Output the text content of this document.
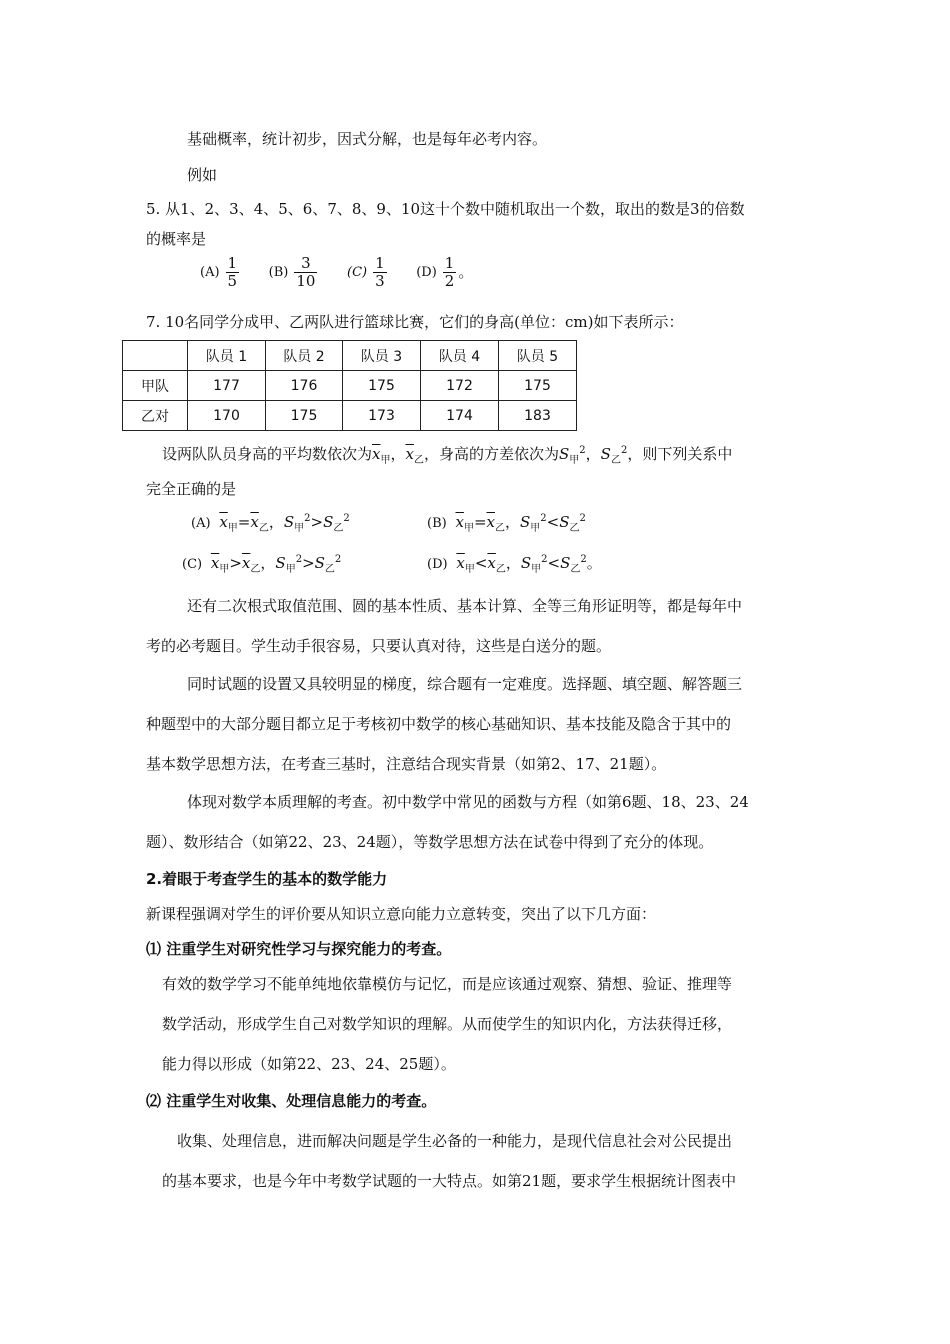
基础概率，统计初步，因式分解，也是每年必考内容。
例如
5. 从1、2、3、4、5、6、7、8、9、10这十个数中随机取出一个数，取出的数是3的倍数
的概率是
$(A) \frac{1}{5} (B) \frac{3}{10} (C) \frac{1}{3} (D) \frac{1}{2}$ 。
7. 10名同学分成甲、乙两队进行篮球比赛，它们的身高(单位：cm)如下表所示：
	队员 1	队员 2	队员 3	队员 4	队员 5
甲队	177	176	175	172	175
乙对	170	175	173	174	183
设两队队员身高的平均数依次为$\overline{x}_甲$，$\overline{x}_乙$，身高的方差依次为$S_甲^2$，$S_乙^2$，则下列关系中
完全正确的是
(A) $\overline{x}_甲=\overline{x}_乙$，$S_甲^2>S_乙^2$	(B) $\overline{x}_甲=\overline{x}_乙$，$S_甲^2<S_乙^2$
(C) $\overline{x}_甲>\overline{x}_乙$，$S_甲^2>S_乙^2$	(D) $\overline{x}_甲<\overline{x}_乙$，$S_甲^2<S_乙^2$。
还有二次根式取值范围、圆的基本性质、基本计算、全等三角形证明等，都是每年中
考的必考题目。学生动手很容易，只要认真对待，这些是白送分的题。
同时试题的设置又具较明显的梯度，综合题有一定难度。选择题、填空题、解答题三
种题型中的大部分题目都立足于考核初中数学的核心基础知识、基本技能及隐含于其中的
基本数学思想方法，在考查三基时，注意结合现实背景（如第2、17、21题）。
体现对数学本质理解的考查。初中数学中常见的函数与方程（如第6题、18、23、24
题）、数形结合（如第22、23、24题），等数学思想方法在试卷中得到了充分的体现。
2.着眼于考查学生的基本的数学能力
新课程强调对学生的评价要从知识立意向能力立意转变，突出了以下几方面：
⑴ 注重学生对研究性学习与探究能力的考查。
有效的数学学习不能单纯地依靠模仿与记忆，而是应该通过观察、猜想、验证、推理等
数学活动，形成学生自己对数学知识的理解。从而使学生的知识内化，方法获得迁移，
能力得以形成（如第22、23、24、25题）。
⑵ 注重学生对收集、处理信息能力的考查。
收集、处理信息，进而解决问题是学生必备的一种能力，是现代信息社会对公民提出
的基本要求，也是今年中考数学试题的一大特点。如第21题，要求学生根据统计图表中
